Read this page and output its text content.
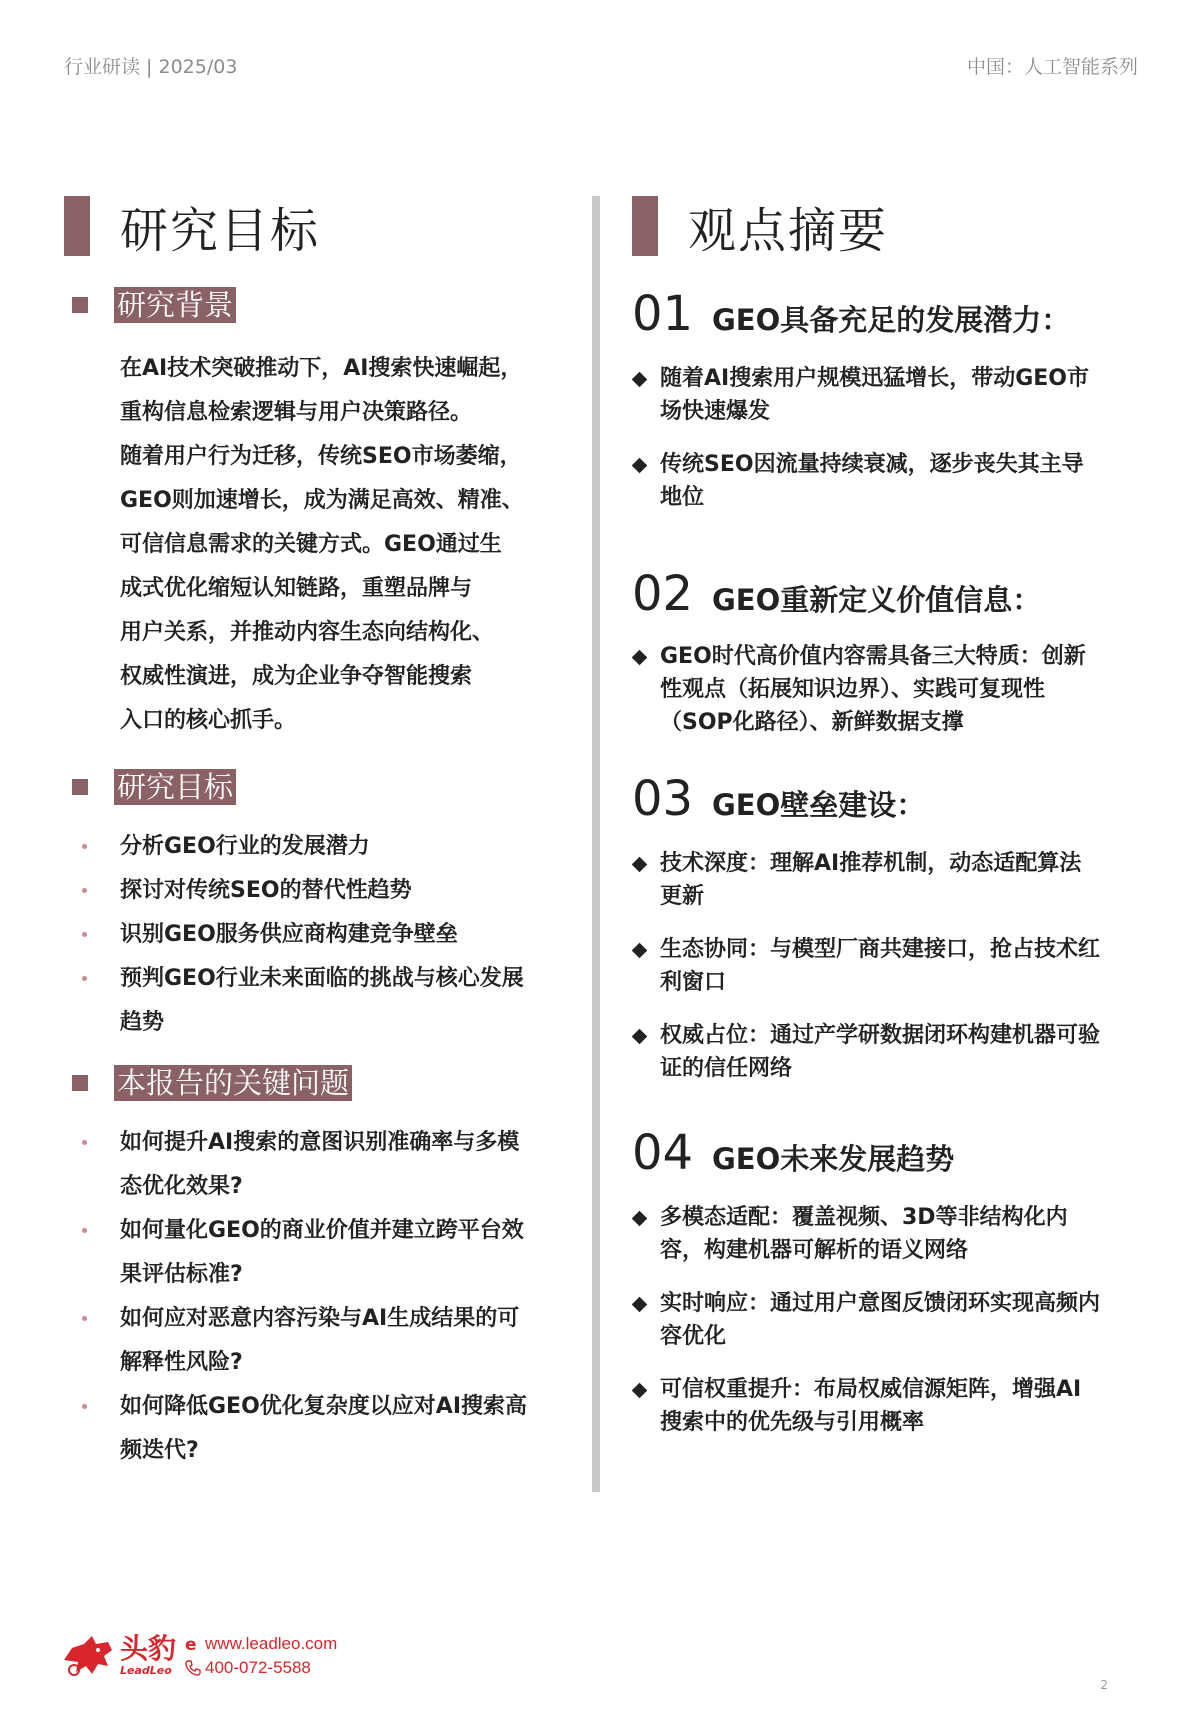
行业研读 | 2025/03	中国：人工智能系列
研究目标
研究背景
在AI技术突破推动下，AI搜索快速崛起，
重构信息检索逻辑与用户决策路径。
随着用户行为迁移，传统SEO市场萎缩，
GEO则加速增长，成为满足高效、精准、
可信信息需求的关键方式。GEO通过生
成式优化缩短认知链路，重塑品牌与
用户关系，并推动内容生态向结构化、
权威性演进，成为企业争夺智能搜索
入口的核心抓手。
研究目标
分析GEO行业的发展潜力
探讨对传统SEO的替代性趋势
识别GEO服务供应商构建竞争壁垒
预判GEO行业未来面临的挑战与核心发展趋势
本报告的关键问题
如何提升AI搜索的意图识别准确率与多模态优化效果?
如何量化GEO的商业价值并建立跨平台效果评估标准?
如何应对恶意内容污染与AI生成结果的可解释性风险?
如何降低GEO优化复杂度以应对AI搜索高频迭代?
观点摘要
01 GEO具备充足的发展潜力：
随着AI搜索用户规模迅猛增长，带动GEO市场快速爆发
传统SEO因流量持续衰减，逐步丧失其主导地位
02 GEO重新定义价值信息：
GEO时代高价值内容需具备三大特质：创新性观点（拓展知识边界）、实践可复现性（SOP化路径）、新鲜数据支撑
03 GEO壁垒建设：
技术深度：理解AI推荐机制，动态适配算法更新
生态协同：与模型厂商共建接口，抢占技术红利窗口
权威占位：通过产学研数据闭环构建机器可验证的信任网络
04 GEO未来发展趋势
多模态适配：覆盖视频、3D等非结构化内容，构建机器可解析的语义网络
实时响应：通过用户意图反馈闭环实现高频内容优化
可信权重提升：布局权威信源矩阵，增强AI搜索中的优先级与引用概率
头豹
LeadLeo
e www.leadleo.com
400-072-5588
2
